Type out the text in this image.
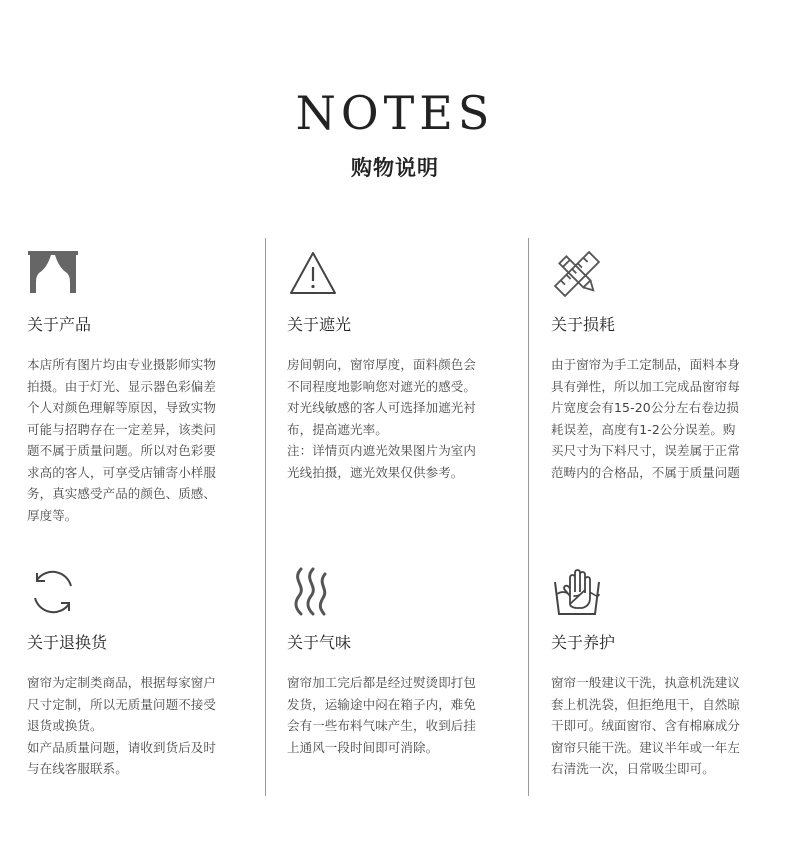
NOTES
购物说明
关于产品
本店所有图片均由专业摄影师实物
拍摄。由于灯光、显示器色彩偏差
个人对颜色理解等原因，导致实物
可能与招聘存在一定差异，该类问
题不属于质量问题。所以对色彩要
求高的客人，可享受店铺寄小样服
务，真实感受产品的颜色、质感、
厚度等。
关于遮光
房间朝向，窗帘厚度，面料颜色会
不同程度地影响您对遮光的感受。
对光线敏感的客人可选择加遮光衬
布，提高遮光率。
注：详情页内遮光效果图片为室内
光线拍摄，遮光效果仅供参考。
关于损耗
由于窗帘为手工定制品，面料本身
具有弹性，所以加工完成品窗帘每
片宽度会有15-20公分左右卷边损
耗误差，高度有1-2公分误差。购
买尺寸为下料尺寸，误差属于正常
范畴内的合格品，不属于质量问题
关于退换货
窗帘为定制类商品，根据每家窗户
尺寸定制，所以无质量问题不接受
退货或换货。
如产品质量问题，请收到货后及时
与在线客服联系。
关于气味
窗帘加工完后都是经过熨烫即打包
发货，运输途中闷在箱子内，难免
会有一些布料气味产生，收到后挂
上通风一段时间即可消除。
关于养护
窗帘一般建议干洗，执意机洗建议
套上机洗袋，但拒绝甩干，自然晾
干即可。绒面窗帘、含有棉麻成分
窗帘只能干洗。建议半年或一年左
右清洗一次，日常吸尘即可。
